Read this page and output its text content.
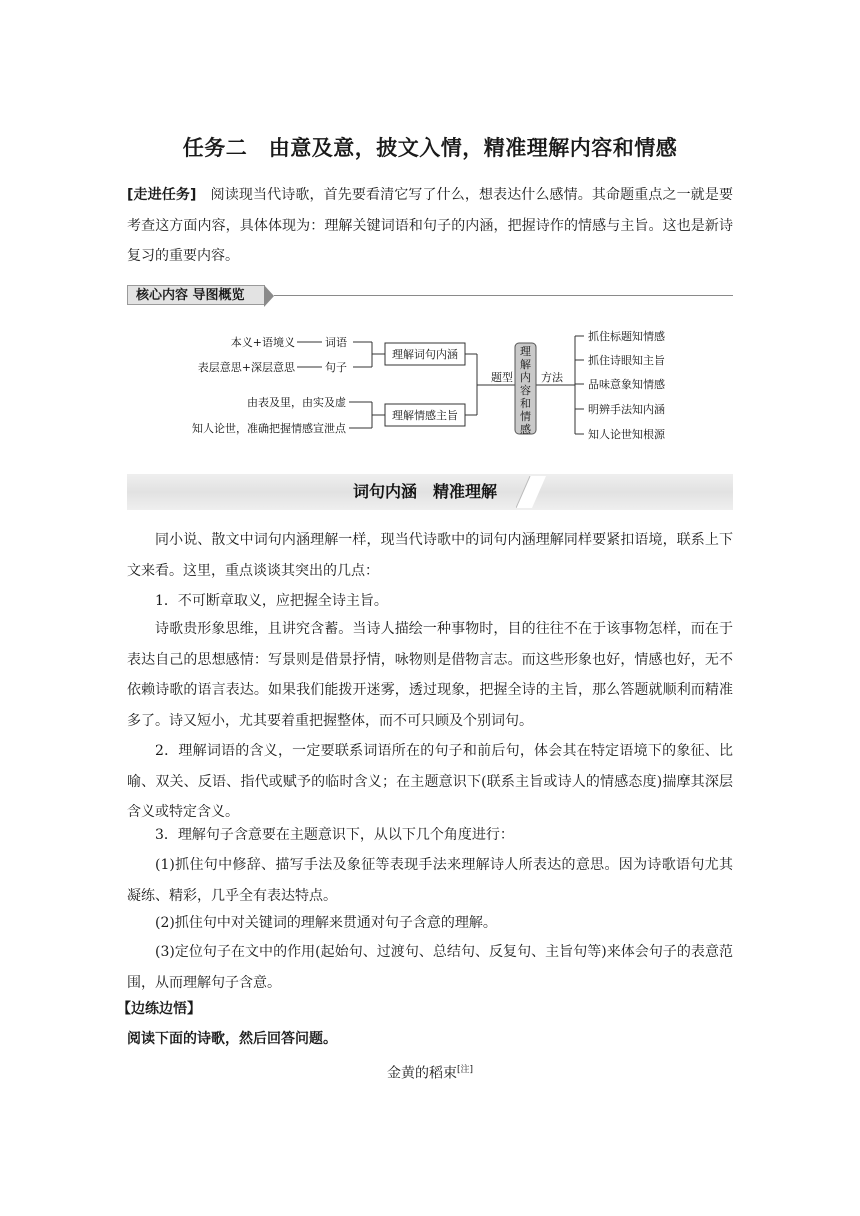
任务二　由意及意，披文入情，精准理解内容和情感
[走进任务]　阅读现当代诗歌，首先要看清它写了什么，想表达什么感情。其命题重点之一就是要考查这方面内容，具体体现为：理解关键词语和句子的内涵，把握诗作的情感与主旨。这也是新诗复习的重要内容。
核心内容 导图概览
本义+语境义
表层意思+深层意思
由表及里，由实及虚
知人论世，准确把握情感宣泄点
词语
句子
题型	方法
抓住标题知情感
抓住诗眼知主旨
品味意象知情感
明辨手法知内涵
知人论世知根源
理解词句内涵
理解情感主旨
理解内容和情感
词句内涵　精准理解
同小说、散文中词句内涵理解一样，现当代诗歌中的词句内涵理解同样要紧扣语境，联系上下文来看。这里，重点谈谈其突出的几点：
1．不可断章取义，应把握全诗主旨。
诗歌贵形象思维，且讲究含蓄。当诗人描绘一种事物时，目的往往不在于该事物怎样，而在于表达自己的思想感情：写景则是借景抒情，咏物则是借物言志。而这些形象也好，情感也好，无不依赖诗歌的语言表达。如果我们能拨开迷雾，透过现象，把握全诗的主旨，那么答题就顺利而精准多了。诗又短小，尤其要着重把握整体，而不可只顾及个别词句。
2．理解词语的含义，一定要联系词语所在的句子和前后句，体会其在特定语境下的象征、比喻、双关、反语、指代或赋予的临时含义；在主题意识下(联系主旨或诗人的情感态度)揣摩其深层含义或特定含义。
3．理解句子含意要在主题意识下，从以下几个角度进行：
(1)抓住句中修辞、描写手法及象征等表现手法来理解诗人所表达的意思。因为诗歌语句尤其凝练、精彩，几乎全有表达特点。
(2)抓住句中对关键词的理解来贯通对句子含意的理解。
(3)定位句子在文中的作用(起始句、过渡句、总结句、反复句、主旨句等)来体会句子的表意范围，从而理解句子含意。
【边练边悟】
阅读下面的诗歌，然后回答问题。
金黄的稻束[注]
